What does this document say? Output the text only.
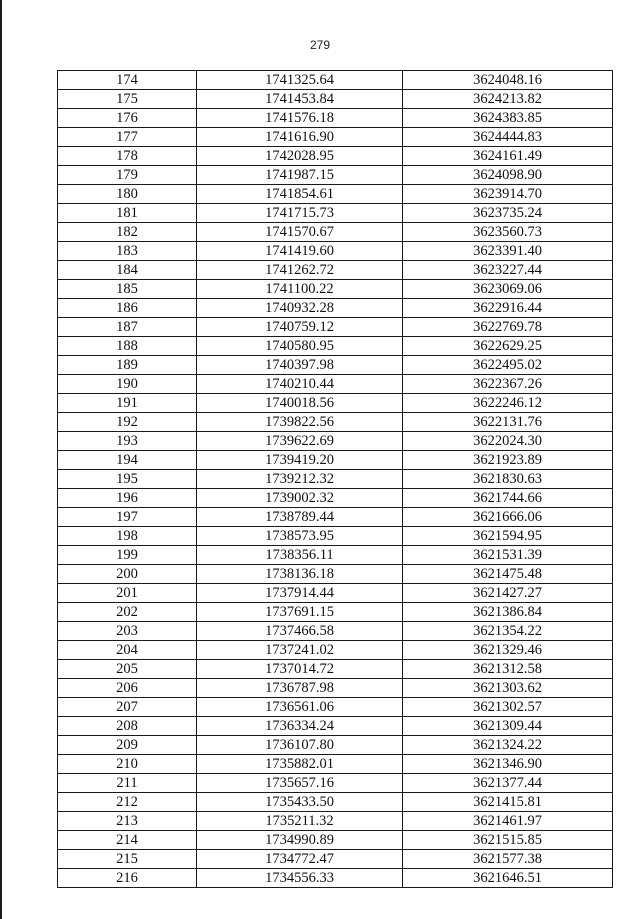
279
174	1741325.64	3624048.16
175	1741453.84	3624213.82
176	1741576.18	3624383.85
177	1741616.90	3624444.83
178	1742028.95	3624161.49
179	1741987.15	3624098.90
180	1741854.61	3623914.70
181	1741715.73	3623735.24
182	1741570.67	3623560.73
183	1741419.60	3623391.40
184	1741262.72	3623227.44
185	1741100.22	3623069.06
186	1740932.28	3622916.44
187	1740759.12	3622769.78
188	1740580.95	3622629.25
189	1740397.98	3622495.02
190	1740210.44	3622367.26
191	1740018.56	3622246.12
192	1739822.56	3622131.76
193	1739622.69	3622024.30
194	1739419.20	3621923.89
195	1739212.32	3621830.63
196	1739002.32	3621744.66
197	1738789.44	3621666.06
198	1738573.95	3621594.95
199	1738356.11	3621531.39
200	1738136.18	3621475.48
201	1737914.44	3621427.27
202	1737691.15	3621386.84
203	1737466.58	3621354.22
204	1737241.02	3621329.46
205	1737014.72	3621312.58
206	1736787.98	3621303.62
207	1736561.06	3621302.57
208	1736334.24	3621309.44
209	1736107.80	3621324.22
210	1735882.01	3621346.90
211	1735657.16	3621377.44
212	1735433.50	3621415.81
213	1735211.32	3621461.97
214	1734990.89	3621515.85
215	1734772.47	3621577.38
216	1734556.33	3621646.51
